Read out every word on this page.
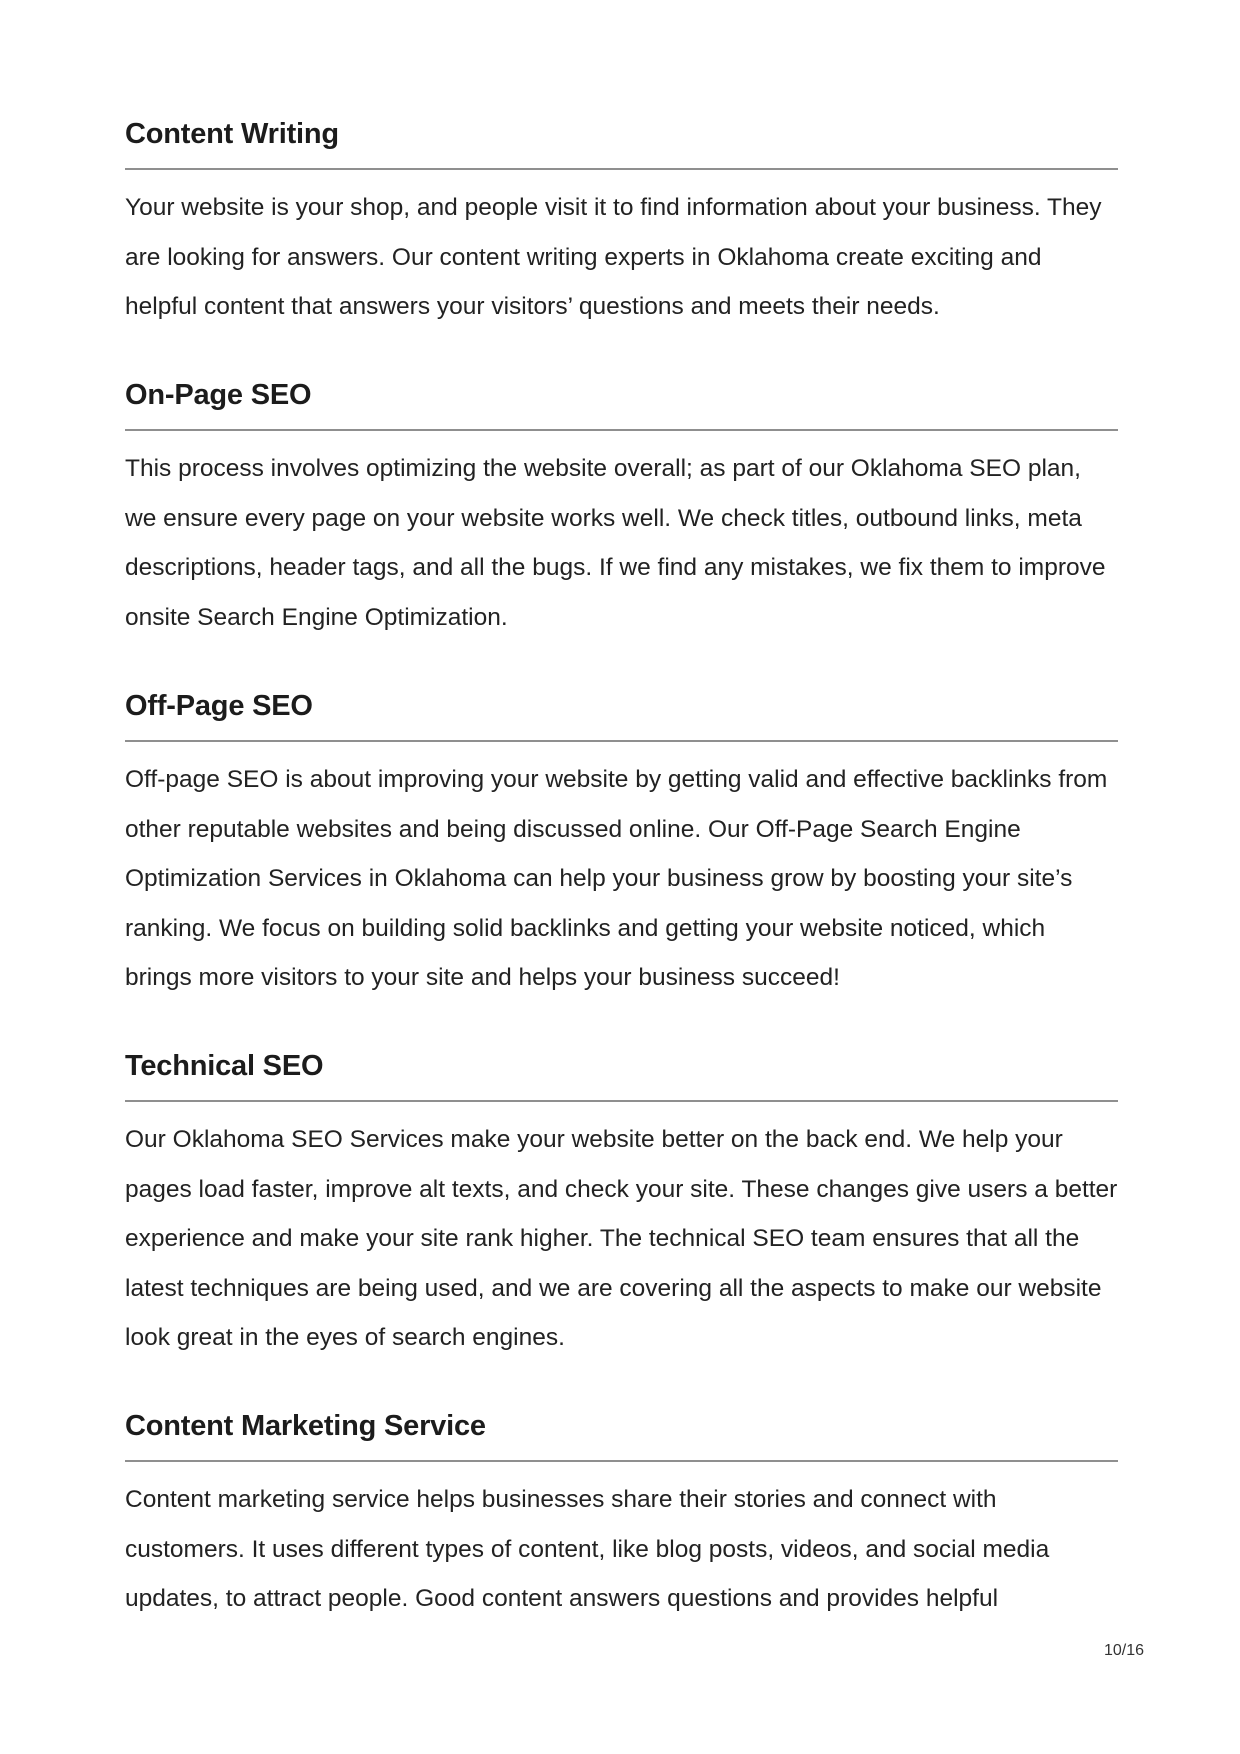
Content Writing

Your website is your shop, and people visit it to find information about your business. They are looking for answers. Our content writing experts in Oklahoma create exciting and helpful content that answers your visitors’ questions and meets their needs.

On-Page SEO

This process involves optimizing the website overall; as part of our Oklahoma SEO plan, we ensure every page on your website works well. We check titles, outbound links, meta descriptions, header tags, and all the bugs. If we find any mistakes, we fix them to improve onsite Search Engine Optimization.

Off-Page SEO

Off-page SEO is about improving your website by getting valid and effective backlinks from other reputable websites and being discussed online. Our Off-Page Search Engine Optimization Services in Oklahoma can help your business grow by boosting your site’s ranking. We focus on building solid backlinks and getting your website noticed, which brings more visitors to your site and helps your business succeed!

Technical SEO

Our Oklahoma SEO Services make your website better on the back end. We help your pages load faster, improve alt texts, and check your site. These changes give users a better experience and make your site rank higher. The technical SEO team ensures that all the latest techniques are being used, and we are covering all the aspects to make our website look great in the eyes of search engines.

Content Marketing Service

Content marketing service helps businesses share their stories and connect with customers. It uses different types of content, like blog posts, videos, and social media updates, to attract people. Good content answers questions and provides helpful

10/16
